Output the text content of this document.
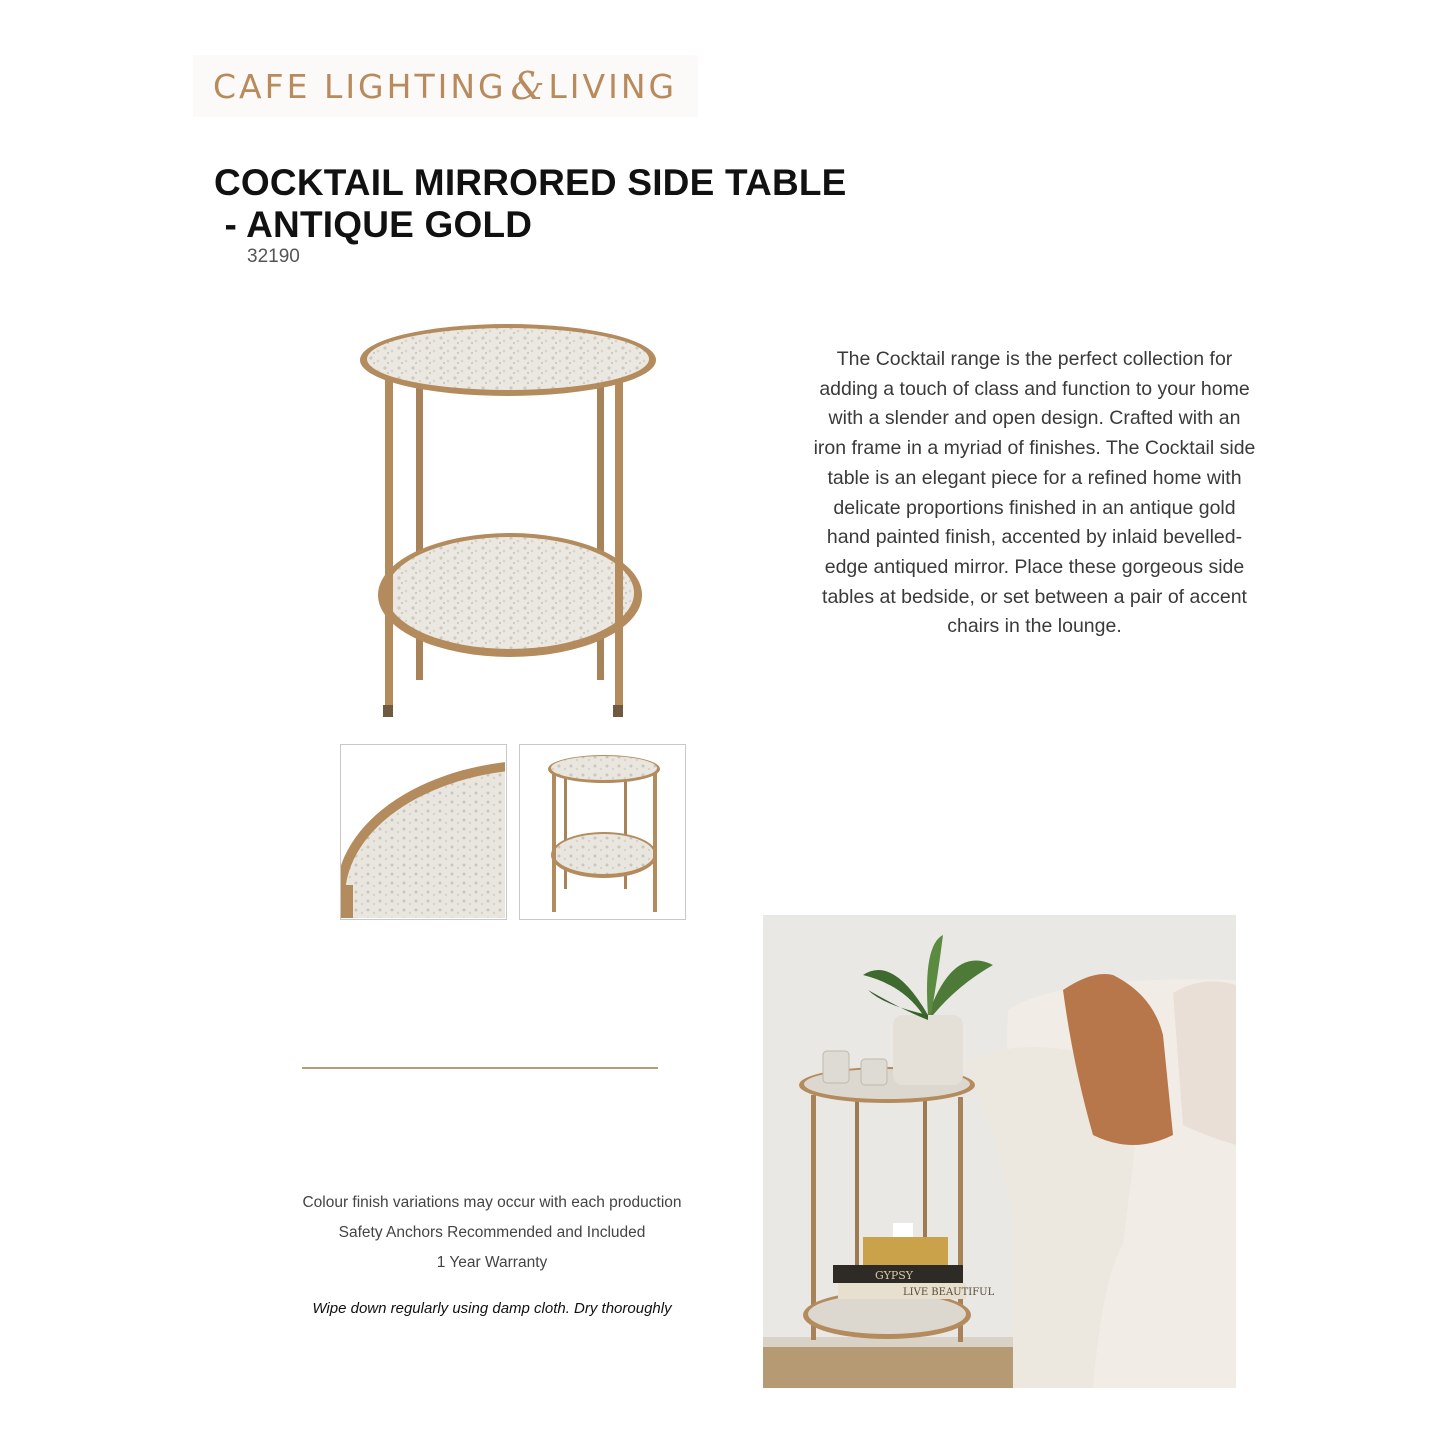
CAFE LIGHTING & LIVING
COCKTAIL MIRRORED SIDE TABLE
- ANTIQUE GOLD
32190
The Cocktail range is the perfect collection for adding a touch of class and function to your home with a slender and open design. Crafted with an iron frame in a myriad of finishes. The Cocktail side table is an elegant piece for a refined home with delicate proportions finished in an antique gold hand painted finish, accented by inlaid bevelled-edge antiqued mirror. Place these gorgeous side tables at bedside, or set between a pair of accent chairs in the lounge.
Colour finish variations may occur with each production
Safety Anchors Recommended and Included
1 Year Warranty
Wipe down regularly using damp cloth. Dry thoroughly
GYPSY
LIVE BEAUTIFUL
